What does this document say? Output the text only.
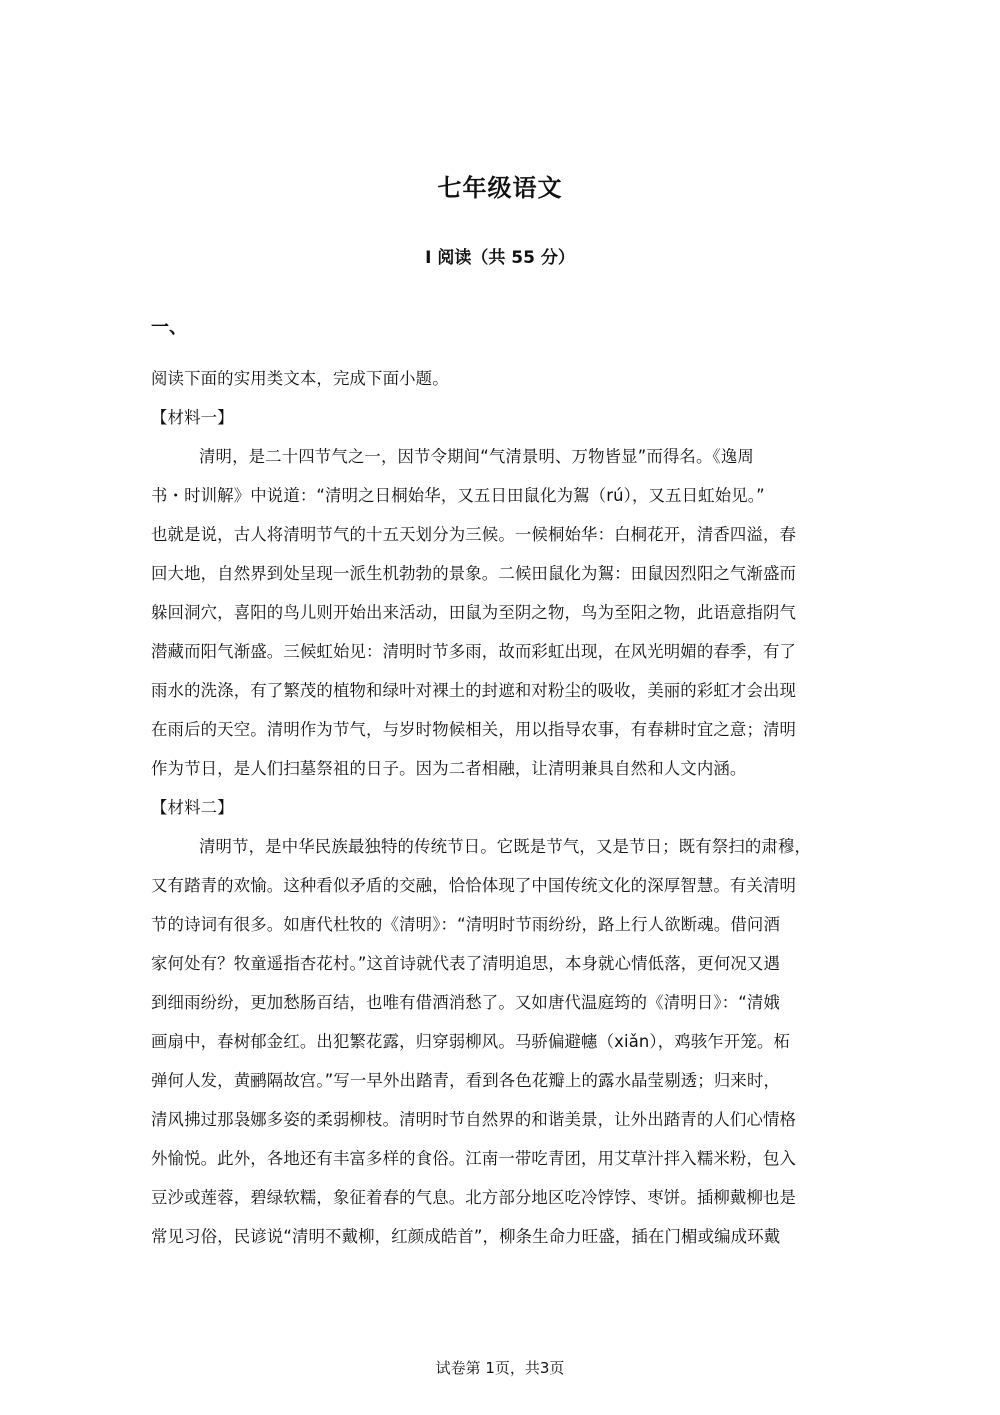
七年级语文
Ⅰ 阅读（共 55 分）
一、
阅读下面的实用类文本，完成下面小题。
【材料一】
清明，是二十四节气之一，因节令期间“气清景明、万物皆显”而得名。《逸周
书・时训解》中说道：“清明之日桐始华，又五日田鼠化为鴽（rú），又五日虹始见。”
也就是说，古人将清明节气的十五天划分为三候。一候桐始华：白桐花开，清香四溢，春
回大地，自然界到处呈现一派生机勃勃的景象。二候田鼠化为鴽：田鼠因烈阳之气渐盛而
躲回洞穴，喜阳的鸟儿则开始出来活动，田鼠为至阴之物，鸟为至阳之物，此语意指阴气
潜藏而阳气渐盛。三候虹始见：清明时节多雨，故而彩虹出现，在风光明媚的春季，有了
雨水的洗涤，有了繁茂的植物和绿叶对裸土的封遮和对粉尘的吸收，美丽的彩虹才会出现
在雨后的天空。清明作为节气，与岁时物候相关，用以指导农事，有春耕时宜之意；清明
作为节日，是人们扫墓祭祖的日子。因为二者相融，让清明兼具自然和人文内涵。
【材料二】
清明节，是中华民族最独特的传统节日。它既是节气，又是节日；既有祭扫的肃穆，
又有踏青的欢愉。这种看似矛盾的交融，恰恰体现了中国传统文化的深厚智慧。有关清明
节的诗词有很多。如唐代杜牧的《清明》：“清明时节雨纷纷，路上行人欲断魂。借问酒
家何处有？牧童遥指杏花村。”这首诗就代表了清明追思，本身就心情低落，更何况又遇
到细雨纷纷，更加愁肠百结，也唯有借酒消愁了。又如唐代温庭筠的《清明日》：“清娥
画扇中，春树郁金红。出犯繁花露，归穿弱柳风。马骄偏避幰（xiǎn），鸡骇乍开笼。柘
弹何人发，黄鹂隔故宫。”写一早外出踏青，看到各色花瓣上的露水晶莹剔透；归来时，
清风拂过那袅娜多姿的柔弱柳枝。清明时节自然界的和谐美景，让外出踏青的人们心情格
外愉悦。此外，各地还有丰富多样的食俗。江南一带吃青团，用艾草汁拌入糯米粉，包入
豆沙或莲蓉，碧绿软糯，象征着春的气息。北方部分地区吃冷饽饽、枣饼。插柳戴柳也是
常见习俗，民谚说“清明不戴柳，红颜成皓首”，柳条生命力旺盛，插在门楣或编成环戴
试卷第 1页，共3页
